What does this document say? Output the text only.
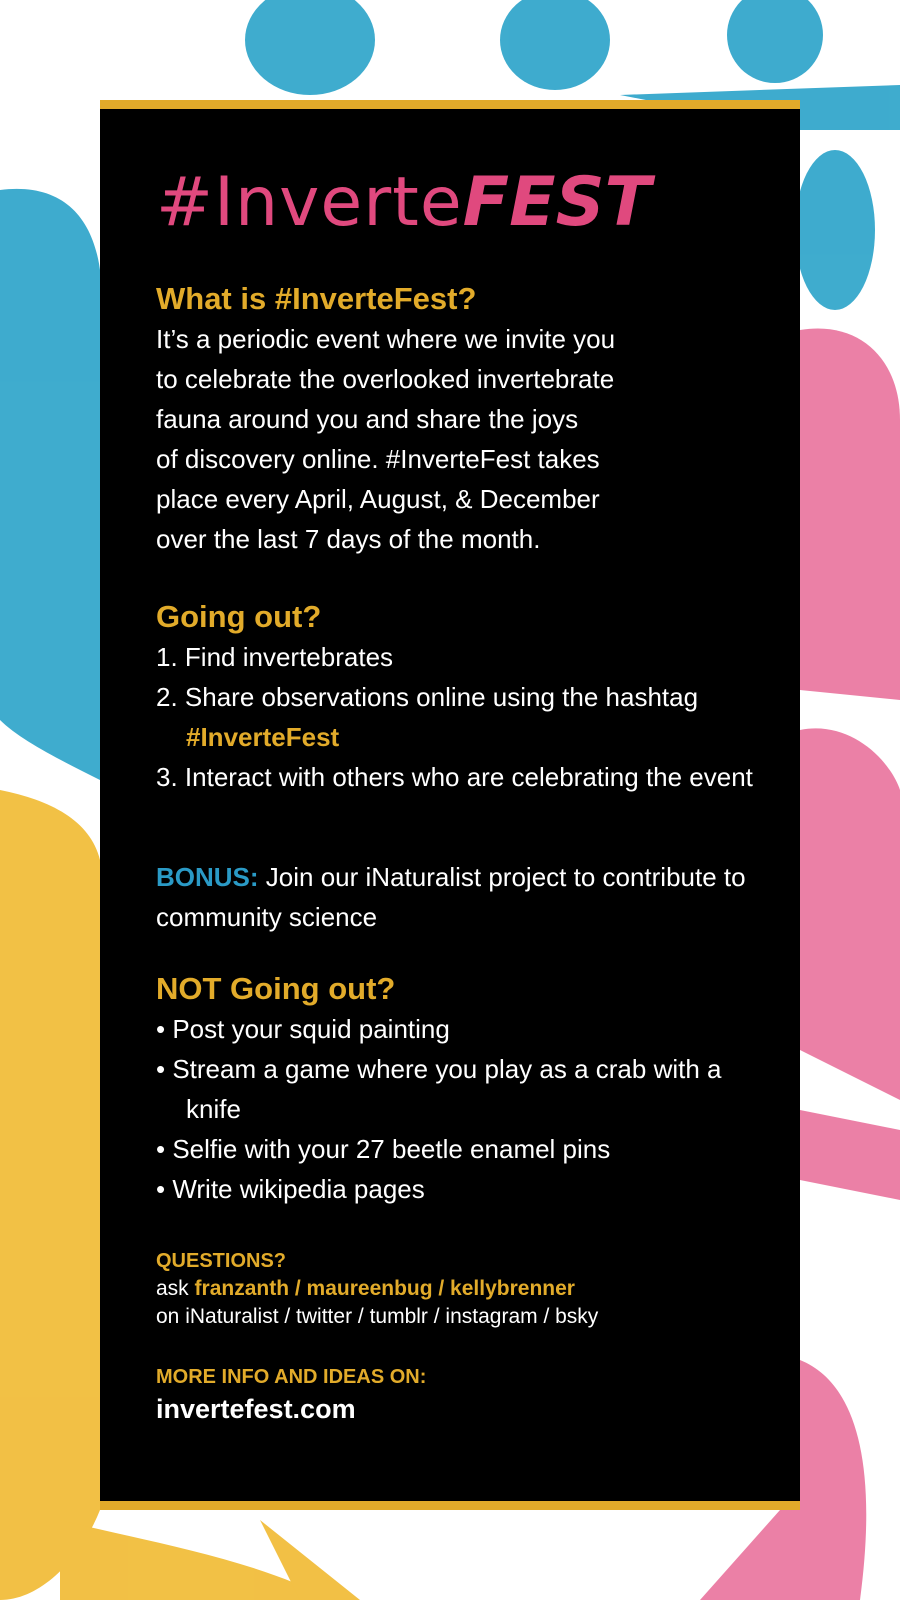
#InverteFEST
What is #InverteFest?
It’s a periodic event where we invite you
to celebrate the overlooked invertebrate
fauna around you and share the joys
of discovery online. #InverteFest takes
place every April, August, & December
over the last 7 days of the month.
Going out?
1. Find invertebrates
2. Share observations online using the hashtag #InverteFest
3. Interact with others who are celebrating the event
BONUS: Join our iNaturalist project to contribute to community science
NOT Going out?
• Post your squid painting
• Stream a game where you play as a crab with a knife
• Selfie with your 27 beetle enamel pins
• Write wikipedia pages
QUESTIONS?
ask franzanth / maureenbug / kellybrenner
on iNaturalist / twitter / tumblr / instagram / bsky
MORE INFO AND IDEAS ON:
invertefest.com
